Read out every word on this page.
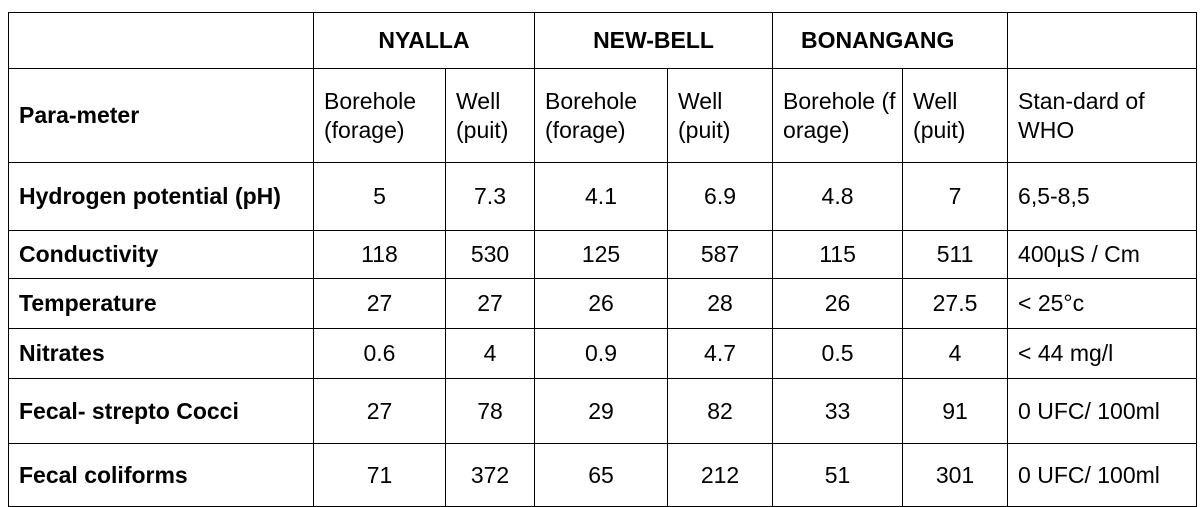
	NYALLA		NEW-BELL		BONANGANG		
Para-meter	Borehole (forage)	Well (puit)	Borehole (forage)	Well (puit)	Borehole (forage)	Well (puit)	Stan-dard of WHO
Hydrogen potential (pH)	5	7.3	4.1	6.9	4.8	7	6,5-8,5
Conductivity	118	530	125	587	115	511	400µS / Cm
Temperature	27	27	26	28	26	27.5	< 25°c
Nitrates	0.6	4	0.9	4.7	0.5	4	< 44 mg/l
Fecal- strepto Cocci	27	78	29	82	33	91	0 UFC/ 100ml
Fecal coliforms	71	372	65	212	51	301	0 UFC/ 100ml
